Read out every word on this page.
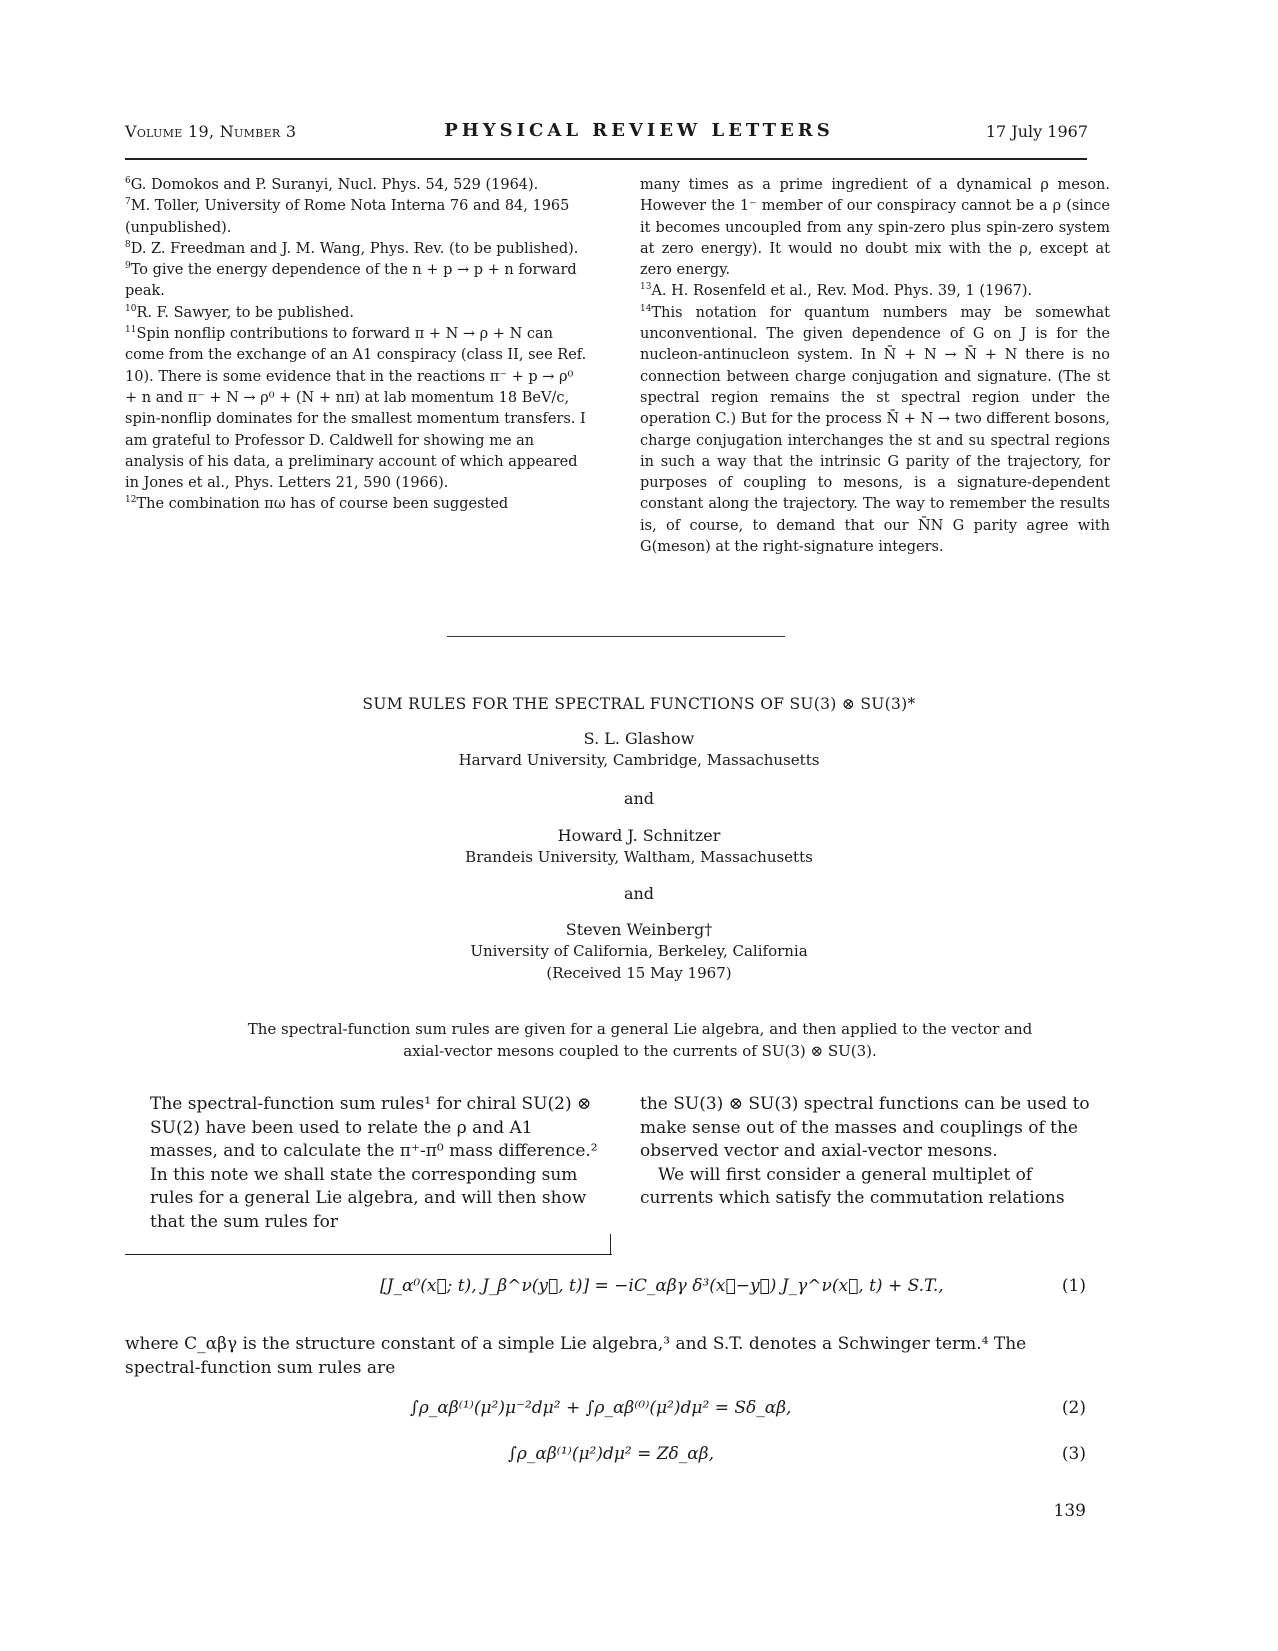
Volume 19, Number 3	PHYSICAL REVIEW LETTERS	17 July 1967

$^6$G. Domokos and P. Suranyi, Nucl. Phys. 54, 529 (1964).

$^7$M. Toller, University of Rome Nota Interna 76 and 84, 1965 (unpublished).

$^8$D. Z. Freedman and J. M. Wang, Phys. Rev. (to be published).

$^9$To give the energy dependence of the n + p → p + n forward peak.

$^{10}$R. F. Sawyer, to be published.

$^{11}$Spin nonflip contributions to forward π + N → ρ + N can come from the exchange of an A1 conspiracy (class II, see Ref. 10). There is some evidence that in the reactions π⁻ + p → ρ⁰ + n and π⁻ + N → ρ⁰ + (N + nπ) at lab momentum 18 BeV/c, spin-nonflip dominates for the smallest momentum transfers. I am grateful to Professor D. Caldwell for showing me an analysis of his data, a preliminary account of which appeared in Jones et al., Phys. Letters 21, 590 (1966).

$^{12}$The combination πω has of course been suggested

many times as a prime ingredient of a dynamical ρ meson. However the 1⁻ member of our conspiracy cannot be a ρ (since it becomes uncoupled from any spin-zero plus spin-zero system at zero energy). It would no doubt mix with the ρ, except at zero energy.

$^{13}$A. H. Rosenfeld et al., Rev. Mod. Phys. 39, 1 (1967).

$^{14}$This notation for quantum numbers may be somewhat unconventional. The given dependence of G on J is for the nucleon-antinucleon system. In N̄ + N → N̄ + N there is no connection between charge conjugation and signature. (The st spectral region remains the st spectral region under the operation C.) But for the process N̄ + N → two different bosons, charge conjugation interchanges the st and su spectral regions in such a way that the intrinsic G parity of the trajectory, for purposes of coupling to mesons, is a signature-dependent constant along the trajectory. The way to remember the results is, of course, to demand that our N̄N G parity agree with G(meson) at the right-signature integers.

SUM RULES FOR THE SPECTRAL FUNCTIONS OF SU(3) ⊗ SU(3)*
S. L. Glashow
Harvard University, Cambridge, Massachusetts
and
Howard J. Schnitzer
Brandeis University, Waltham, Massachusetts
and
Steven Weinberg†
University of California, Berkeley, California
(Received 15 May 1967)
The spectral-function sum rules are given for a general Lie algebra, and then applied to the vector and axial-vector mesons coupled to the currents of SU(3) ⊗ SU(3).

The spectral-function sum rules¹ for chiral SU(2) ⊗ SU(2) have been used to relate the ρ and A1 masses, and to calculate the π⁺-π⁰ mass difference.² In this note we shall state the corresponding sum rules for a general Lie algebra, and will then show that the sum rules for

the SU(3) ⊗ SU(3) spectral functions can be used to make sense out of the masses and couplings of the observed vector and axial-vector mesons.

We will first consider a general multiplet of currents which satisfy the commutation relations

[J_α⁰(x⃗; t), J_β^ν(y⃗, t)] = −iC_αβγ δ³(x⃗−y⃗) J_γ^ν(x⃗, t) + S.T.,	(1)
where C_αβγ is the structure constant of a simple Lie algebra,³ and S.T. denotes a Schwinger term.⁴ The spectral-function sum rules are
∫ρ_αβ⁽¹⁾(μ²)μ⁻²dμ² + ∫ρ_αβ⁽⁰⁾(μ²)dμ² = Sδ_αβ,	(2)
∫ρ_αβ⁽¹⁾(μ²)dμ² = Zδ_αβ,	(3)
139
